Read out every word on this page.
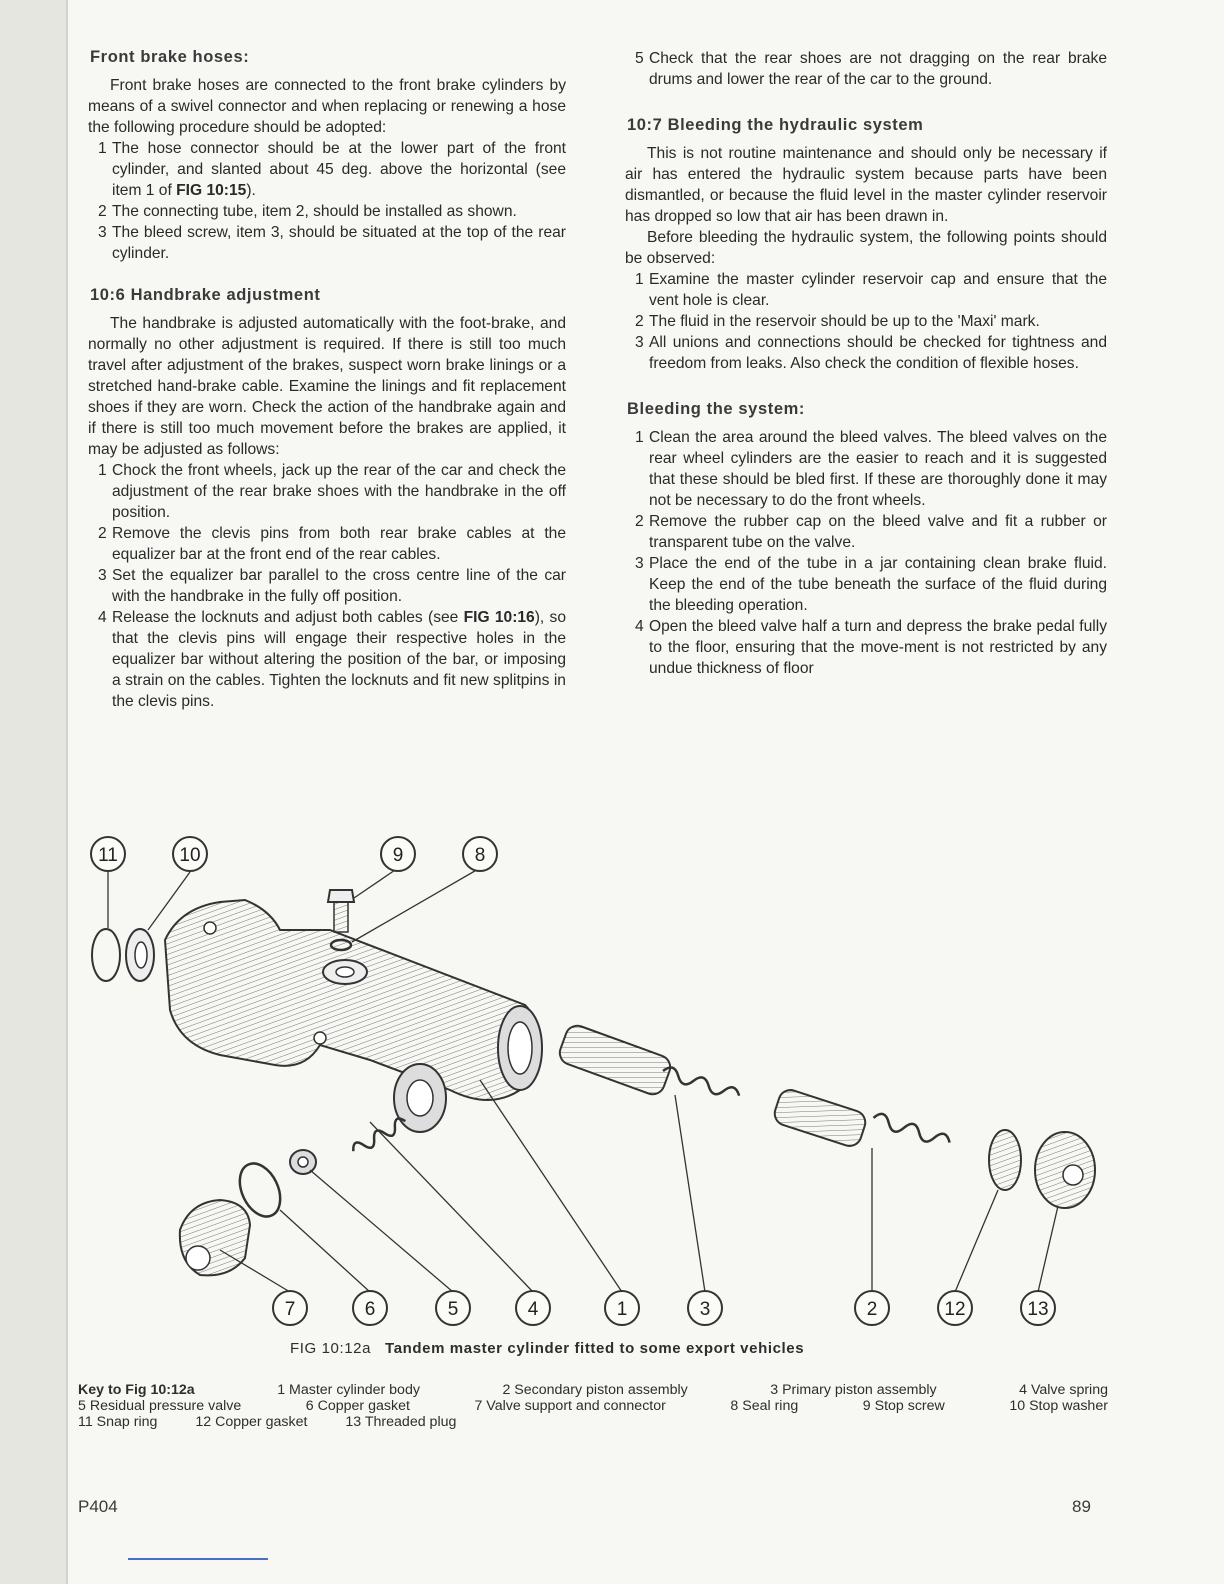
Front brake hoses:

Front brake hoses are connected to the front brake cylinders by means of a swivel connector and when replacing or renewing a hose the following procedure should be adopted:

1 The hose connector should be at the lower part of the front cylinder, and slanted about 45 deg. above the horizontal (see item 1 of FIG 10:15).
2 The connecting tube, item 2, should be installed as shown.
3 The bleed screw, item 3, should be situated at the top of the rear cylinder.
10:6 Handbrake adjustment

The handbrake is adjusted automatically with the foot-brake, and normally no other adjustment is required. If there is still too much travel after adjustment of the brakes, suspect worn brake linings or a stretched hand-brake cable. Examine the linings and fit replacement shoes if they are worn. Check the action of the handbrake again and if there is still too much movement before the brakes are applied, it may be adjusted as follows:

1 Chock the front wheels, jack up the rear of the car and check the adjustment of the rear brake shoes with the handbrake in the off position.
2 Remove the clevis pins from both rear brake cables at the equalizer bar at the front end of the rear cables.
3 Set the equalizer bar parallel to the cross centre line of the car with the handbrake in the fully off position.
4 Release the locknuts and adjust both cables (see FIG 10:16), so that the clevis pins will engage their respective holes in the equalizer bar without altering the position of the bar, or imposing a strain on the cables. Tighten the locknuts and fit new splitpins in the clevis pins.
5 Check that the rear shoes are not dragging on the rear brake drums and lower the rear of the car to the ground.
10:7 Bleeding the hydraulic system

This is not routine maintenance and should only be necessary if air has entered the hydraulic system because parts have been dismantled, or because the fluid level in the master cylinder reservoir has dropped so low that air has been drawn in.

Before bleeding the hydraulic system, the following points should be observed:

1 Examine the master cylinder reservoir cap and ensure that the vent hole is clear.
2 The fluid in the reservoir should be up to the 'Maxi' mark.
3 All unions and connections should be checked for tightness and freedom from leaks. Also check the condition of flexible hoses.
Bleeding the system:
1 Clean the area around the bleed valves. The bleed valves on the rear wheel cylinders are the easier to reach and it is suggested that these should be bled first. If these are thoroughly done it may not be necessary to do the front wheels.
2 Remove the rubber cap on the bleed valve and fit a rubber or transparent tube on the valve.
3 Place the end of the tube in a jar containing clean brake fluid. Keep the end of the tube beneath the surface of the fluid during the bleeding operation.
4 Open the bleed valve half a turn and depress the brake pedal fully to the floor, ensuring that the move-ment is not restricted by any undue thickness of floor
11	10	9	8
7	6	5	4	1	3	2	12	13
FIG 10:12a Tandem master cylinder fitted to some export vehicles
Key to Fig 10:12a	1 Master cylinder body	2 Secondary piston assembly	3 Primary piston assembly	4 Valve spring
5 Residual pressure valve	6 Copper gasket	7 Valve support and connector	8 Seal ring	9 Stop screw	10 Stop washer
11 Snap ring	12 Copper gasket	13 Threaded plug
P404	89
